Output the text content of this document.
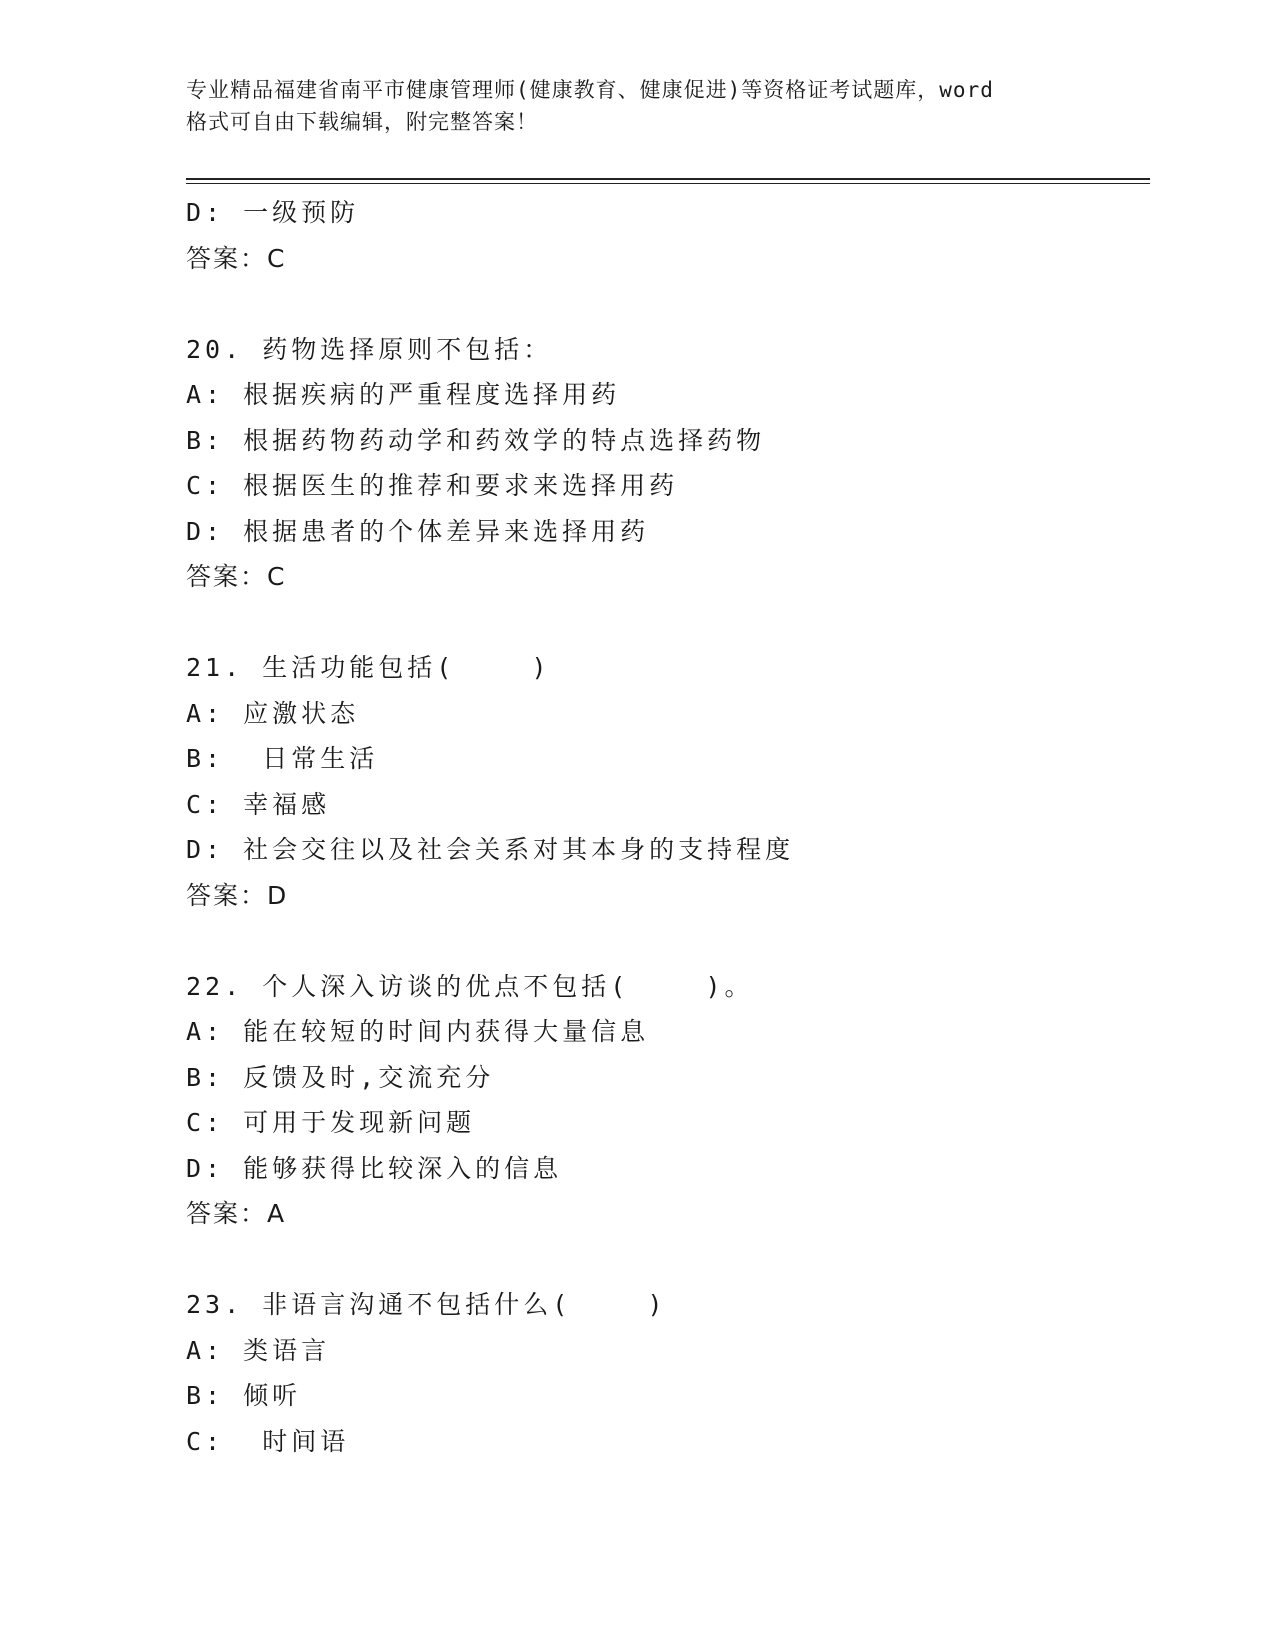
专业精品福建省南平市健康管理师(健康教育、健康促进)等资格证考试题库，word
格式可自由下载编辑，附完整答案！
D: 一级预防
答案：C
20. 药物选择原则不包括：
A: 根据疾病的严重程度选择用药
B: 根据药物药动学和药效学的特点选择药物
C: 根据医生的推荐和要求来选择用药
D: 根据患者的个体差异来选择用药
答案：C
21. 生活功能包括(    )
A: 应激状态
B:  日常生活
C: 幸福感
D: 社会交往以及社会关系对其本身的支持程度
答案：D
22. 个人深入访谈的优点不包括(    )。
A: 能在较短的时间内获得大量信息
B: 反馈及时,交流充分
C: 可用于发现新问题
D: 能够获得比较深入的信息
答案：A
23. 非语言沟通不包括什么(    )
A: 类语言
B: 倾听
C:  时间语
